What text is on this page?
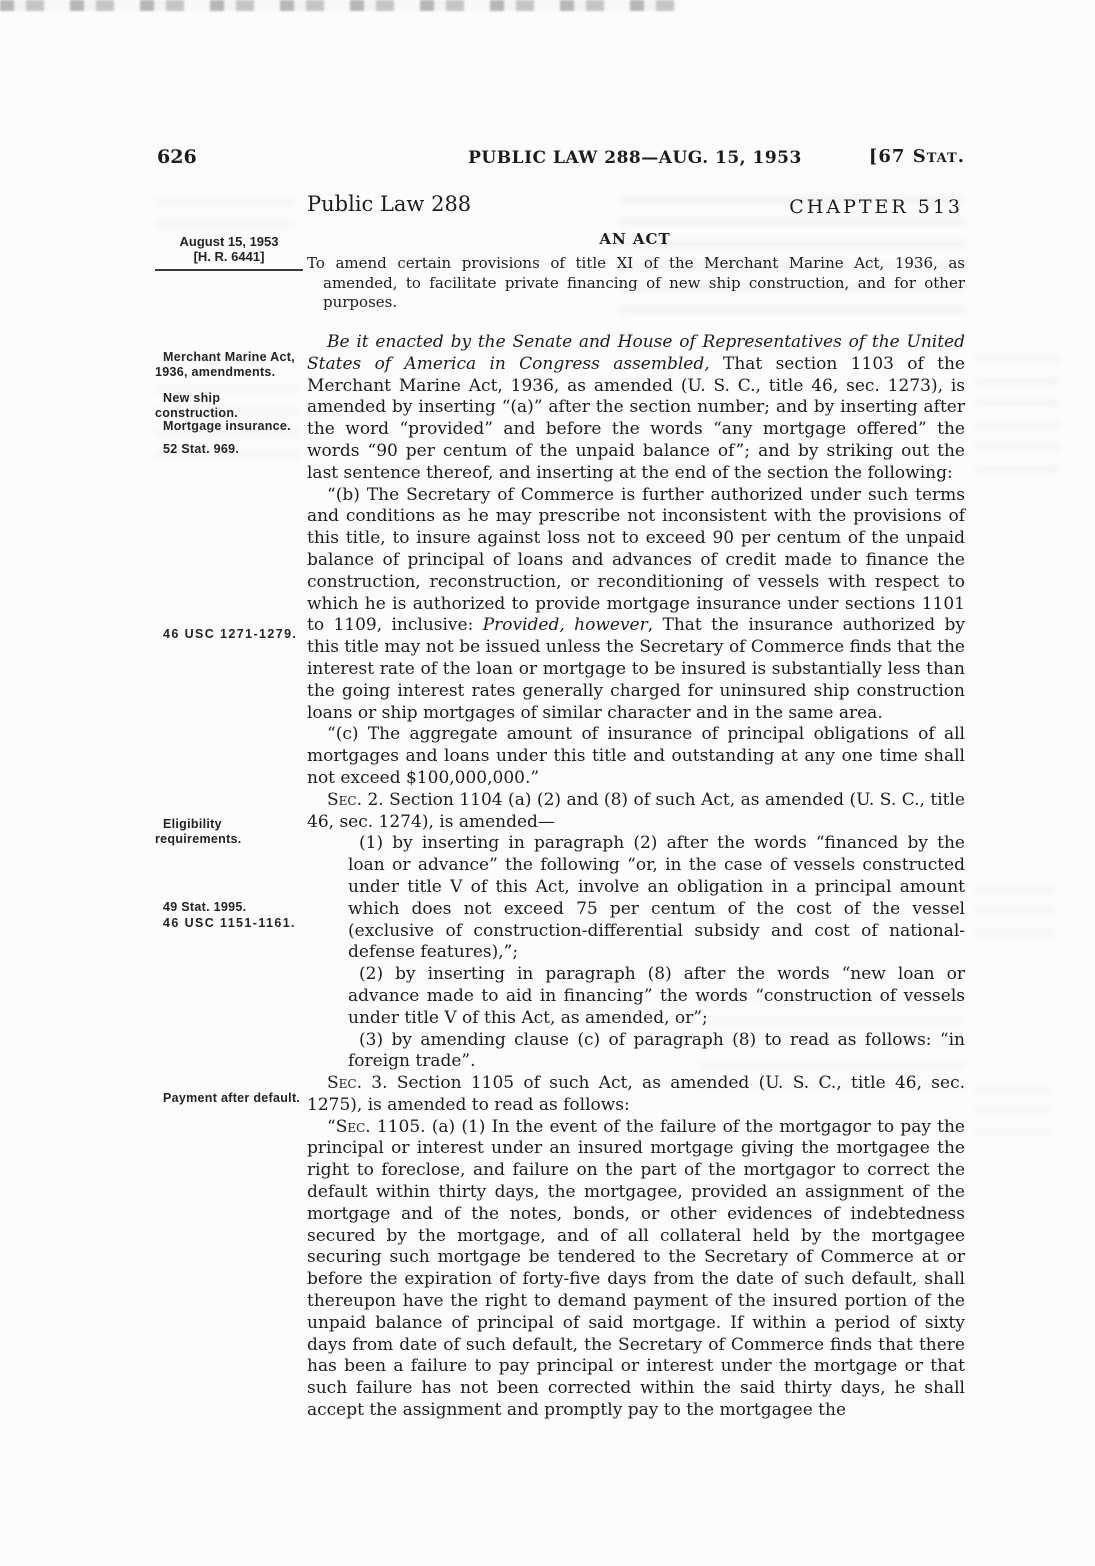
626	PUBLIC LAW 288—AUG. 15, 1953	[67 Stat.
Public Law 288	CHAPTER 513
AN ACT
To amend certain provisions of title XI of the Merchant Marine Act, 1936, as amended, to facilitate private financing of new ship construction, and for other purposes.
August 15, 1953
[H. R. 6441]
Merchant Marine Act, 1936, amendments.
New ship construction.
Mortgage insurance.
52 Stat. 969.
46 USC 1271-1279.
Eligibility requirements.
49 Stat. 1995.
46 USC 1151-1161.
Payment after default.

Be it enacted by the Senate and House of Representatives of the United States of America in Congress assembled, That section 1103 of the Merchant Marine Act, 1936, as amended (U. S. C., title 46, sec. 1273), is amended by inserting “(a)” after the section number; and by inserting after the word “provided” and before the words “any mortgage offered” the words “90 per centum of the unpaid balance of”; and by striking out the last sentence thereof, and inserting at the end of the section the following:

“(b) The Secretary of Commerce is further authorized under such terms and conditions as he may prescribe not inconsistent with the provisions of this title, to insure against loss not to exceed 90 per centum of the unpaid balance of principal of loans and advances of credit made to finance the construction, reconstruction, or reconditioning of vessels with respect to which he is authorized to provide mortgage insurance under sections 1101 to 1109, inclusive: Provided, however, That the insurance authorized by this title may not be issued unless the Secretary of Commerce finds that the interest rate of the loan or mortgage to be insured is substantially less than the going interest rates generally charged for uninsured ship construction loans or ship mortgages of similar character and in the same area.

“(c) The aggregate amount of insurance of principal obligations of all mortgages and loans under this title and outstanding at any one time shall not exceed $100,000,000.”

Sec. 2. Section 1104 (a) (2) and (8) of such Act, as amended (U. S. C., title 46, sec. 1274), is amended—

(1) by inserting in paragraph (2) after the words “financed by the loan or advance” the following “or, in the case of vessels constructed under title V of this Act, involve an obligation in a principal amount which does not exceed 75 per centum of the cost of the vessel (exclusive of construction-differential subsidy and cost of national-defense features),”;

(2) by inserting in paragraph (8) after the words “new loan or advance made to aid in financing” the words “construction of vessels under title V of this Act, as amended, or”;

(3) by amending clause (c) of paragraph (8) to read as follows: “in foreign trade”.

Sec. 3. Section 1105 of such Act, as amended (U. S. C., title 46, sec. 1275), is amended to read as follows:

“Sec. 1105. (a) (1) In the event of the failure of the mortgagor to pay the principal or interest under an insured mortgage giving the mortgagee the right to foreclose, and failure on the part of the mortgagor to correct the default within thirty days, the mortgagee, provided an assignment of the mortgage and of the notes, bonds, or other evidences of indebtedness secured by the mortgage, and of all collateral held by the mortgagee securing such mortgage be tendered to the Secretary of Commerce at or before the expiration of forty-five days from the date of such default, shall thereupon have the right to demand payment of the insured portion of the unpaid balance of principal of said mortgage. If within a period of sixty days from date of such default, the Secretary of Commerce finds that there has been a failure to pay principal or interest under the mortgage or that such failure has not been corrected within the said thirty days, he shall accept the assignment and promptly pay to the mortgagee the
